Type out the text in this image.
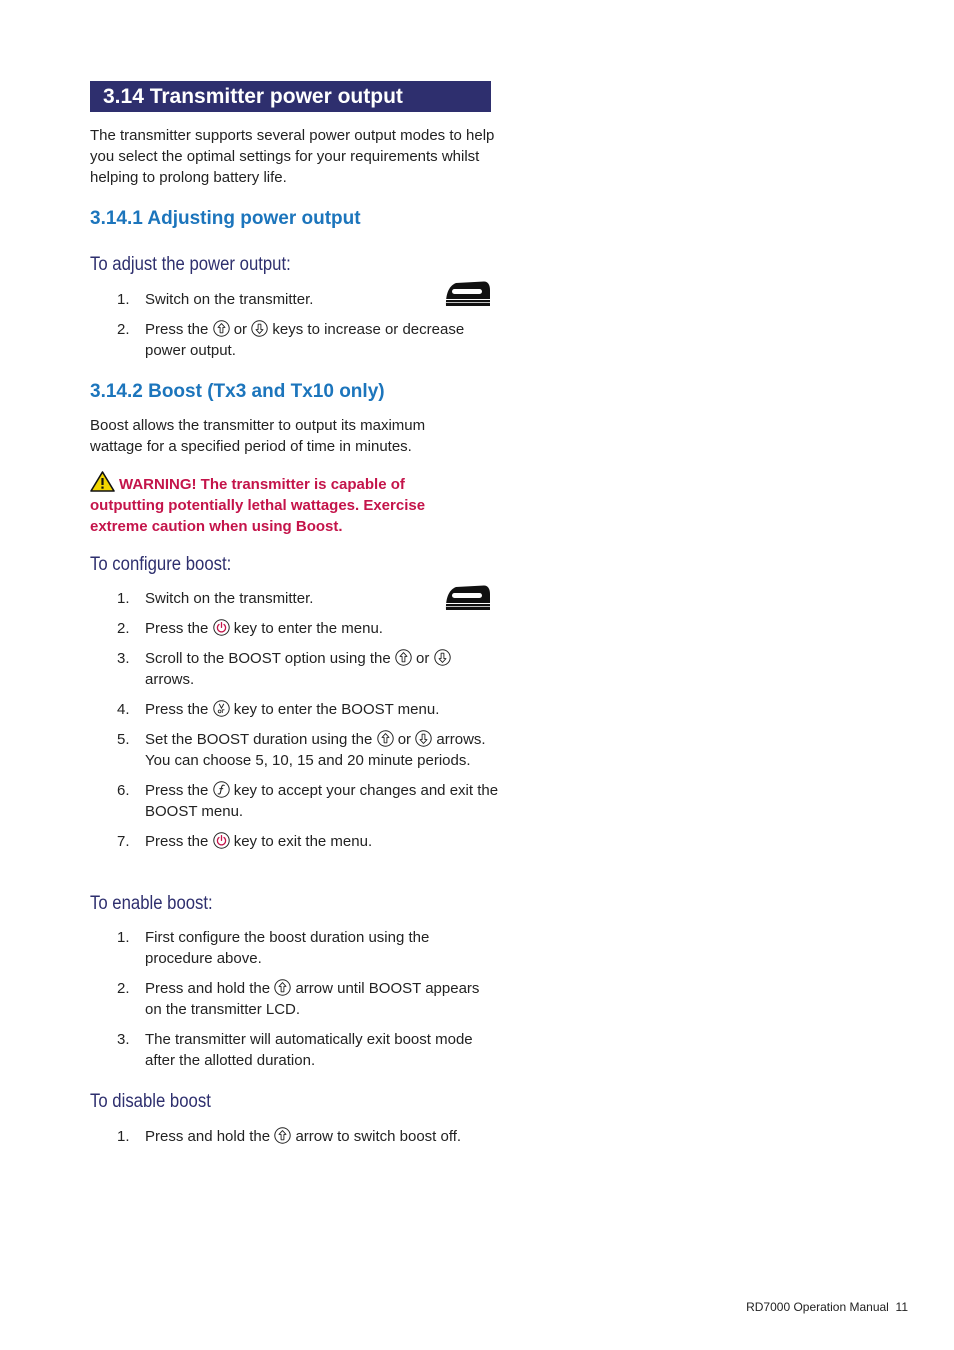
3.14 Transmitter power output
The transmitter supports several power output modes to help you select the optimal settings for your requirements whilst helping to prolong battery life.
3.14.1 Adjusting power output
To adjust the power output:
1. Switch on the transmitter.
2. Press the or keys to increase or decrease power output.
3.14.2 Boost (Tx3 and Tx10 only)
Boost allows the transmitter to output its maximum wattage for a specified period of time in minutes.
WARNING! The transmitter is capable of outputting potentially lethal wattages. Exercise extreme caution when using Boost.
To configure boost:
1. Switch on the transmitter.
2. Press the key to enter the menu.
3. Scroll to the BOOST option using the or  arrows.
4. Press the key to enter the BOOST menu.
5. Set the BOOST duration using the or arrows. You can choose 5, 10, 15 and 20 minute periods.
6. Press the key to accept your changes and exit the BOOST menu.
7. Press the key to exit the menu.
To enable boost:
1. First configure the boost duration using the procedure above.
2. Press and hold the arrow until BOOST appears on the transmitter LCD.
3. The transmitter will automatically exit boost mode after the allotted duration.
To disable boost
1. Press and hold the arrow to switch boost off.
RD7000 Operation Manual 11
